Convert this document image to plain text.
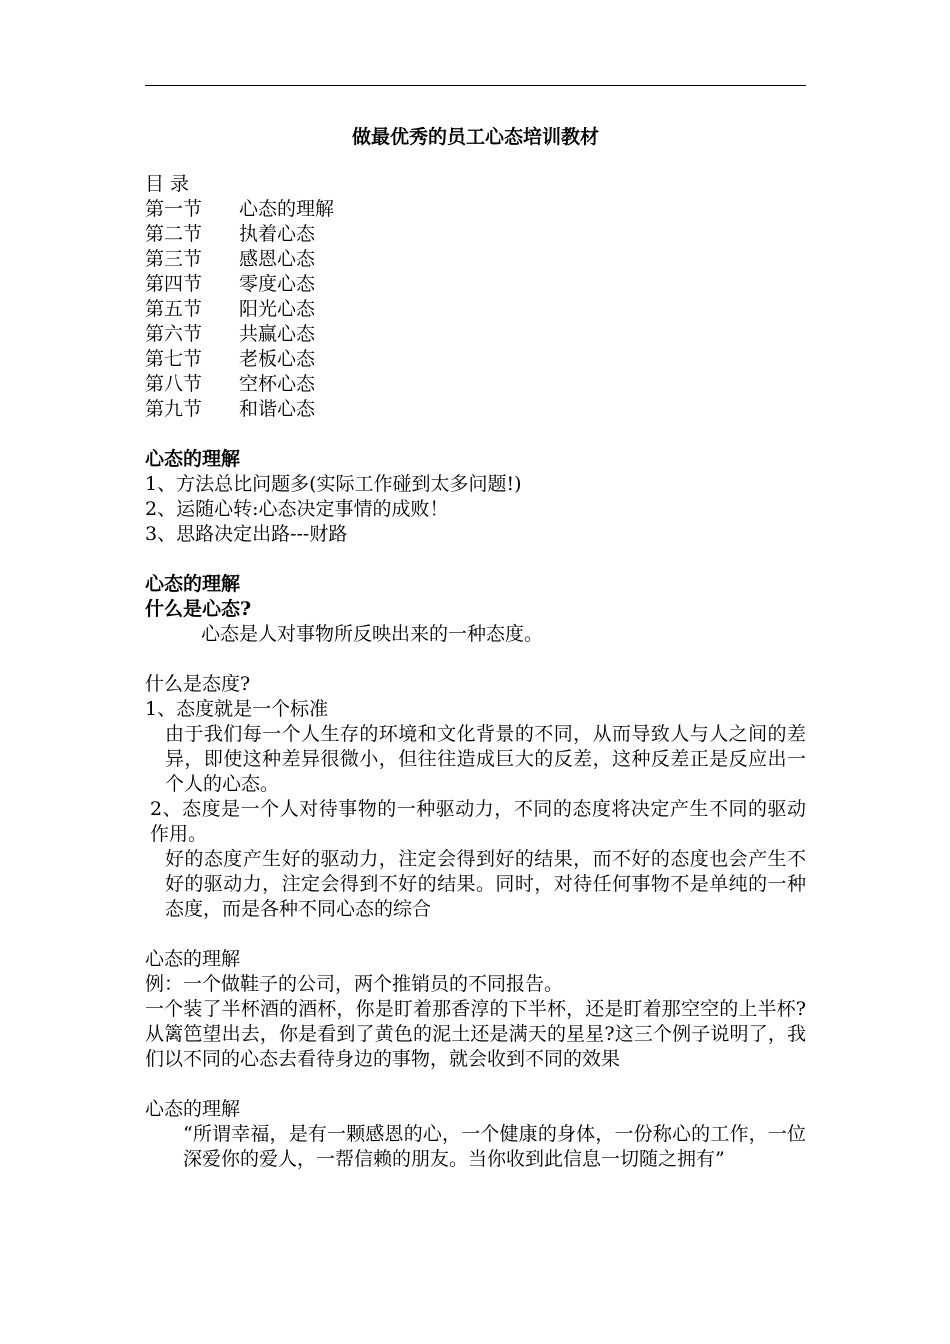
做最优秀的员工心态培训教材
目 录
第一节 心态的理解
第二节 执着心态
第三节 感恩心态
第四节 零度心态
第五节 阳光心态
第六节 共赢心态
第七节 老板心态
第八节 空杯心态
第九节 和谐心态
心态的理解
1、方法总比问题多(实际工作碰到太多问题!)
2、运随心转:心态决定事情的成败！
3、思路决定出路---财路
心态的理解
什么是心态?
心态是人对事物所反映出来的一种态度。
什么是态度?
1、态度就是一个标准
由于我们每一个人生存的环境和文化背景的不同，从而导致人与人之间的差异，即使这种差异很微小，但往往造成巨大的反差，这种反差正是反应出一个人的心态。
2、态度是一个人对待事物的一种驱动力，不同的态度将决定产生不同的驱动作用。
好的态度产生好的驱动力，注定会得到好的结果，而不好的态度也会产生不好的驱动力，注定会得到不好的结果。同时，对待任何事物不是单纯的一种态度，而是各种不同心态的综合
心态的理解
例：一个做鞋子的公司，两个推销员的不同报告。
一个装了半杯酒的酒杯，你是盯着那香淳的下半杯，还是盯着那空空的上半杯?从篱笆望出去，你是看到了黄色的泥土还是满天的星星?这三个例子说明了，我们以不同的心态去看待身边的事物，就会收到不同的效果
心态的理解
“所谓幸福，是有一颗感恩的心，一个健康的身体，一份称心的工作，一位深爱你的爱人，一帮信赖的朋友。当你收到此信息一切随之拥有”
